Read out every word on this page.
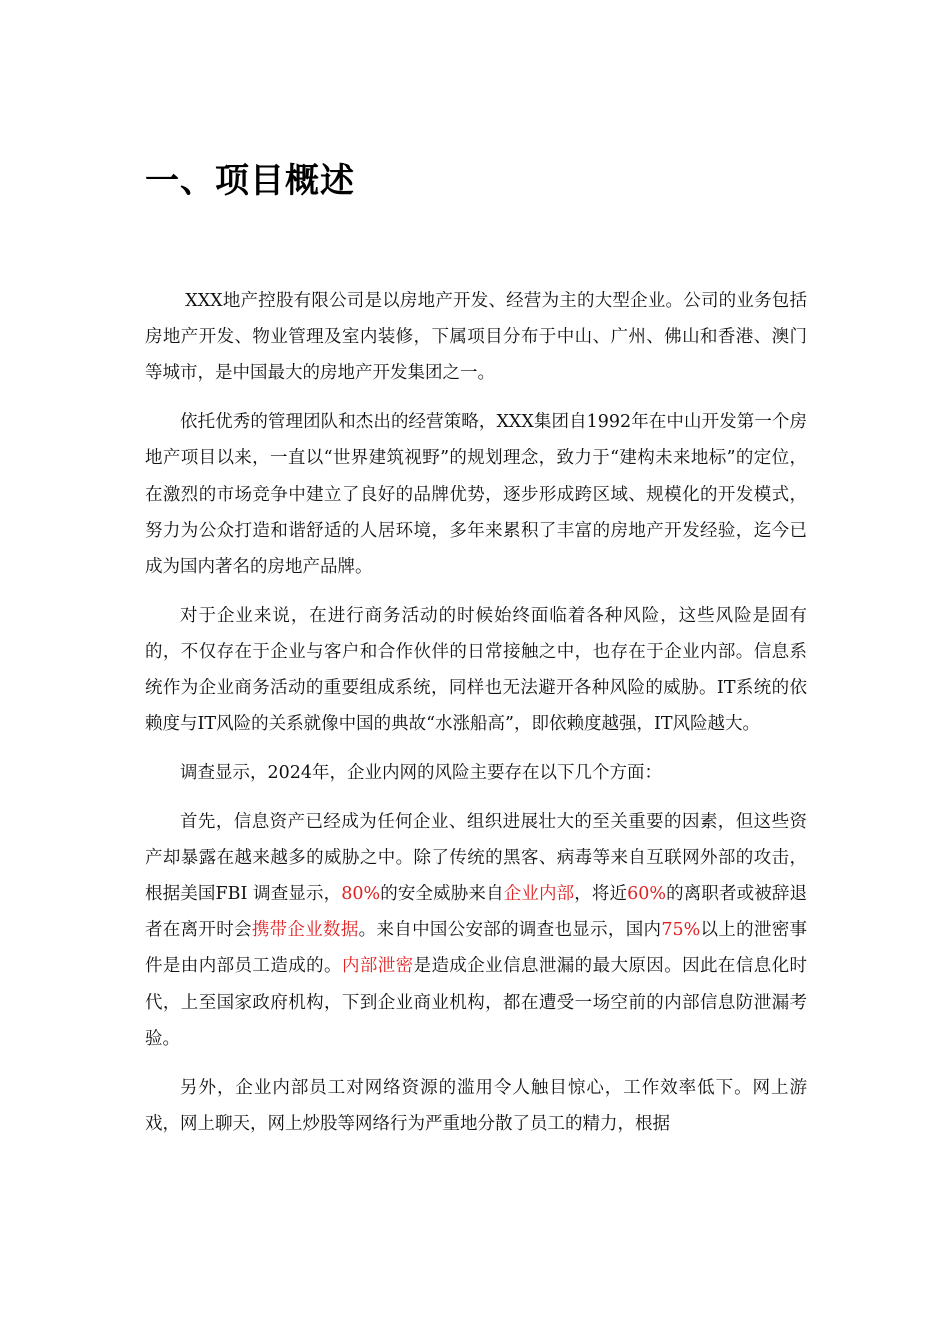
一、项目概述

XXX地产控股有限公司是以房地产开发、经营为主的大型企业。公司的业务包括房地产开发、物业管理及室内装修，下属项目分布于中山、广州、佛山和香港、澳门等城市，是中国最大的房地产开发集团之一。

依托优秀的管理团队和杰出的经营策略，XXX集团自1992年在中山开发第一个房地产项目以来，一直以“世界建筑视野”的规划理念，致力于“建构未来地标”的定位，在激烈的市场竞争中建立了良好的品牌优势，逐步形成跨区域、规模化的开发模式，努力为公众打造和谐舒适的人居环境，多年来累积了丰富的房地产开发经验，迄今已成为国内著名的房地产品牌。

对于企业来说，在进行商务活动的时候始终面临着各种风险，这些风险是固有的，不仅存在于企业与客户和合作伙伴的日常接触之中，也存在于企业内部。信息系统作为企业商务活动的重要组成系统，同样也无法避开各种风险的威胁。IT系统的依赖度与IT风险的关系就像中国的典故“水涨船高”，即依赖度越强，IT风险越大。

调查显示，2024年，企业内网的风险主要存在以下几个方面：

首先，信息资产已经成为任何企业、组织进展壮大的至关重要的因素，但这些资产却暴露在越来越多的威胁之中。除了传统的黑客、病毒等来自互联网外部的攻击，根据美国FBI 调查显示，80%的安全威胁来自企业内部，将近60%的离职者或被辞退者在离开时会携带企业数据。来自中国公安部的调查也显示，国内75%以上的泄密事件是由内部员工造成的。内部泄密是造成企业信息泄漏的最大原因。因此在信息化时代，上至国家政府机构，下到企业商业机构，都在遭受一场空前的内部信息防泄漏考验。

另外，企业内部员工对网络资源的滥用令人触目惊心，工作效率低下。网上游戏，网上聊天，网上炒股等网络行为严重地分散了员工的精力，根据
